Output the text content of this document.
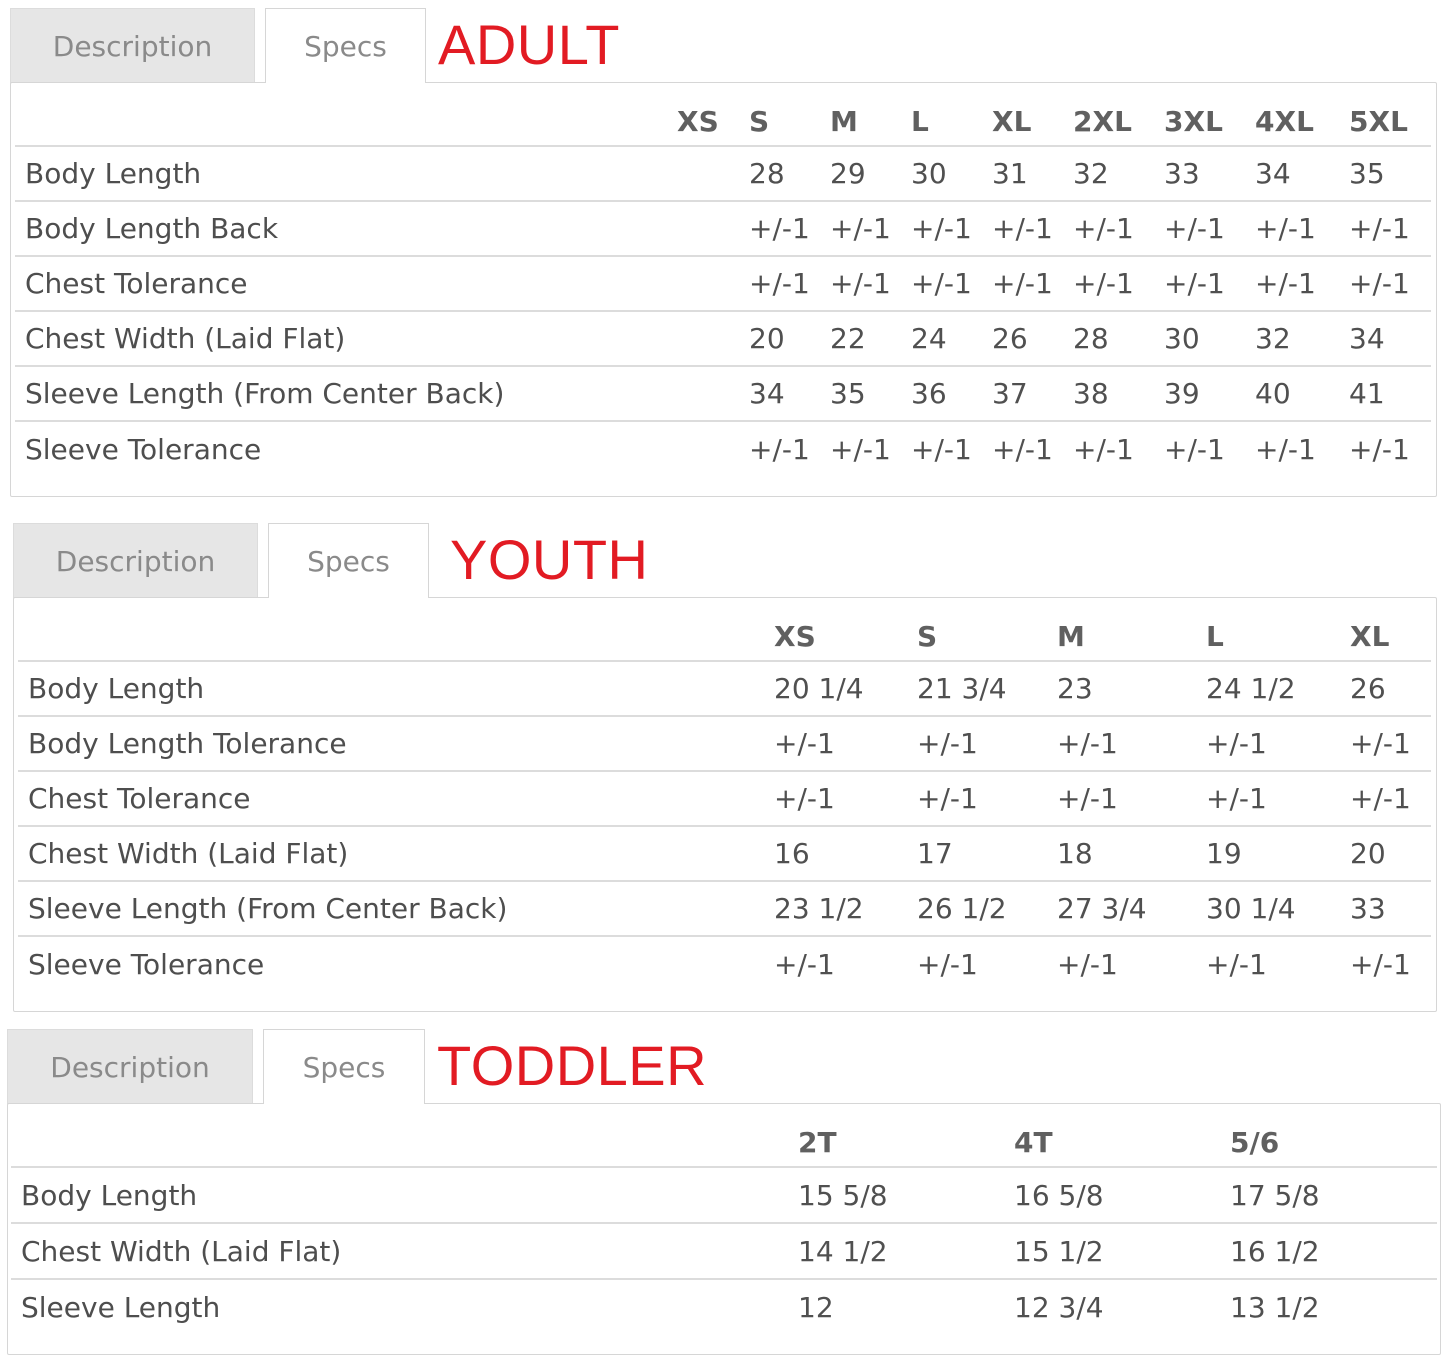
Description	Specs ADULT
	XS	S	M	L	XL	2XL	3XL	4XL	5XL
Body Length		28	29	30	31	32	33	34	35
Body Length Back		+/-1	+/-1	+/-1	+/-1	+/-1	+/-1	+/-1	+/-1
Chest Tolerance		+/-1	+/-1	+/-1	+/-1	+/-1	+/-1	+/-1	+/-1
Chest Width (Laid Flat)		20	22	24	26	28	30	32	34
Sleeve Length (From Center Back)		34	35	36	37	38	39	40	41
Sleeve Tolerance		+/-1	+/-1	+/-1	+/-1	+/-1	+/-1	+/-1	+/-1
Description	Specs	YOUTH
	XS	S	M	L	XL
Body Length	20 1/4	21 3/4	23	24 1/2	26
Body Length Tolerance	+/-1	+/-1	+/-1	+/-1	+/-1
Chest Tolerance	+/-1	+/-1	+/-1	+/-1	+/-1
Chest Width (Laid Flat)	16	17	18	19	20
Sleeve Length (From Center Back)	23 1/2	26 1/2	27 3/4	30 1/4	33
Sleeve Tolerance	+/-1	+/-1	+/-1	+/-1	+/-1
Description	Specs TODDLER
	2T	4T	5/6
Body Length	15 5/8	16 5/8	17 5/8
Chest Width (Laid Flat)	14 1/2	15 1/2	16 1/2
Sleeve Length	12	12 3/4	13 1/2
